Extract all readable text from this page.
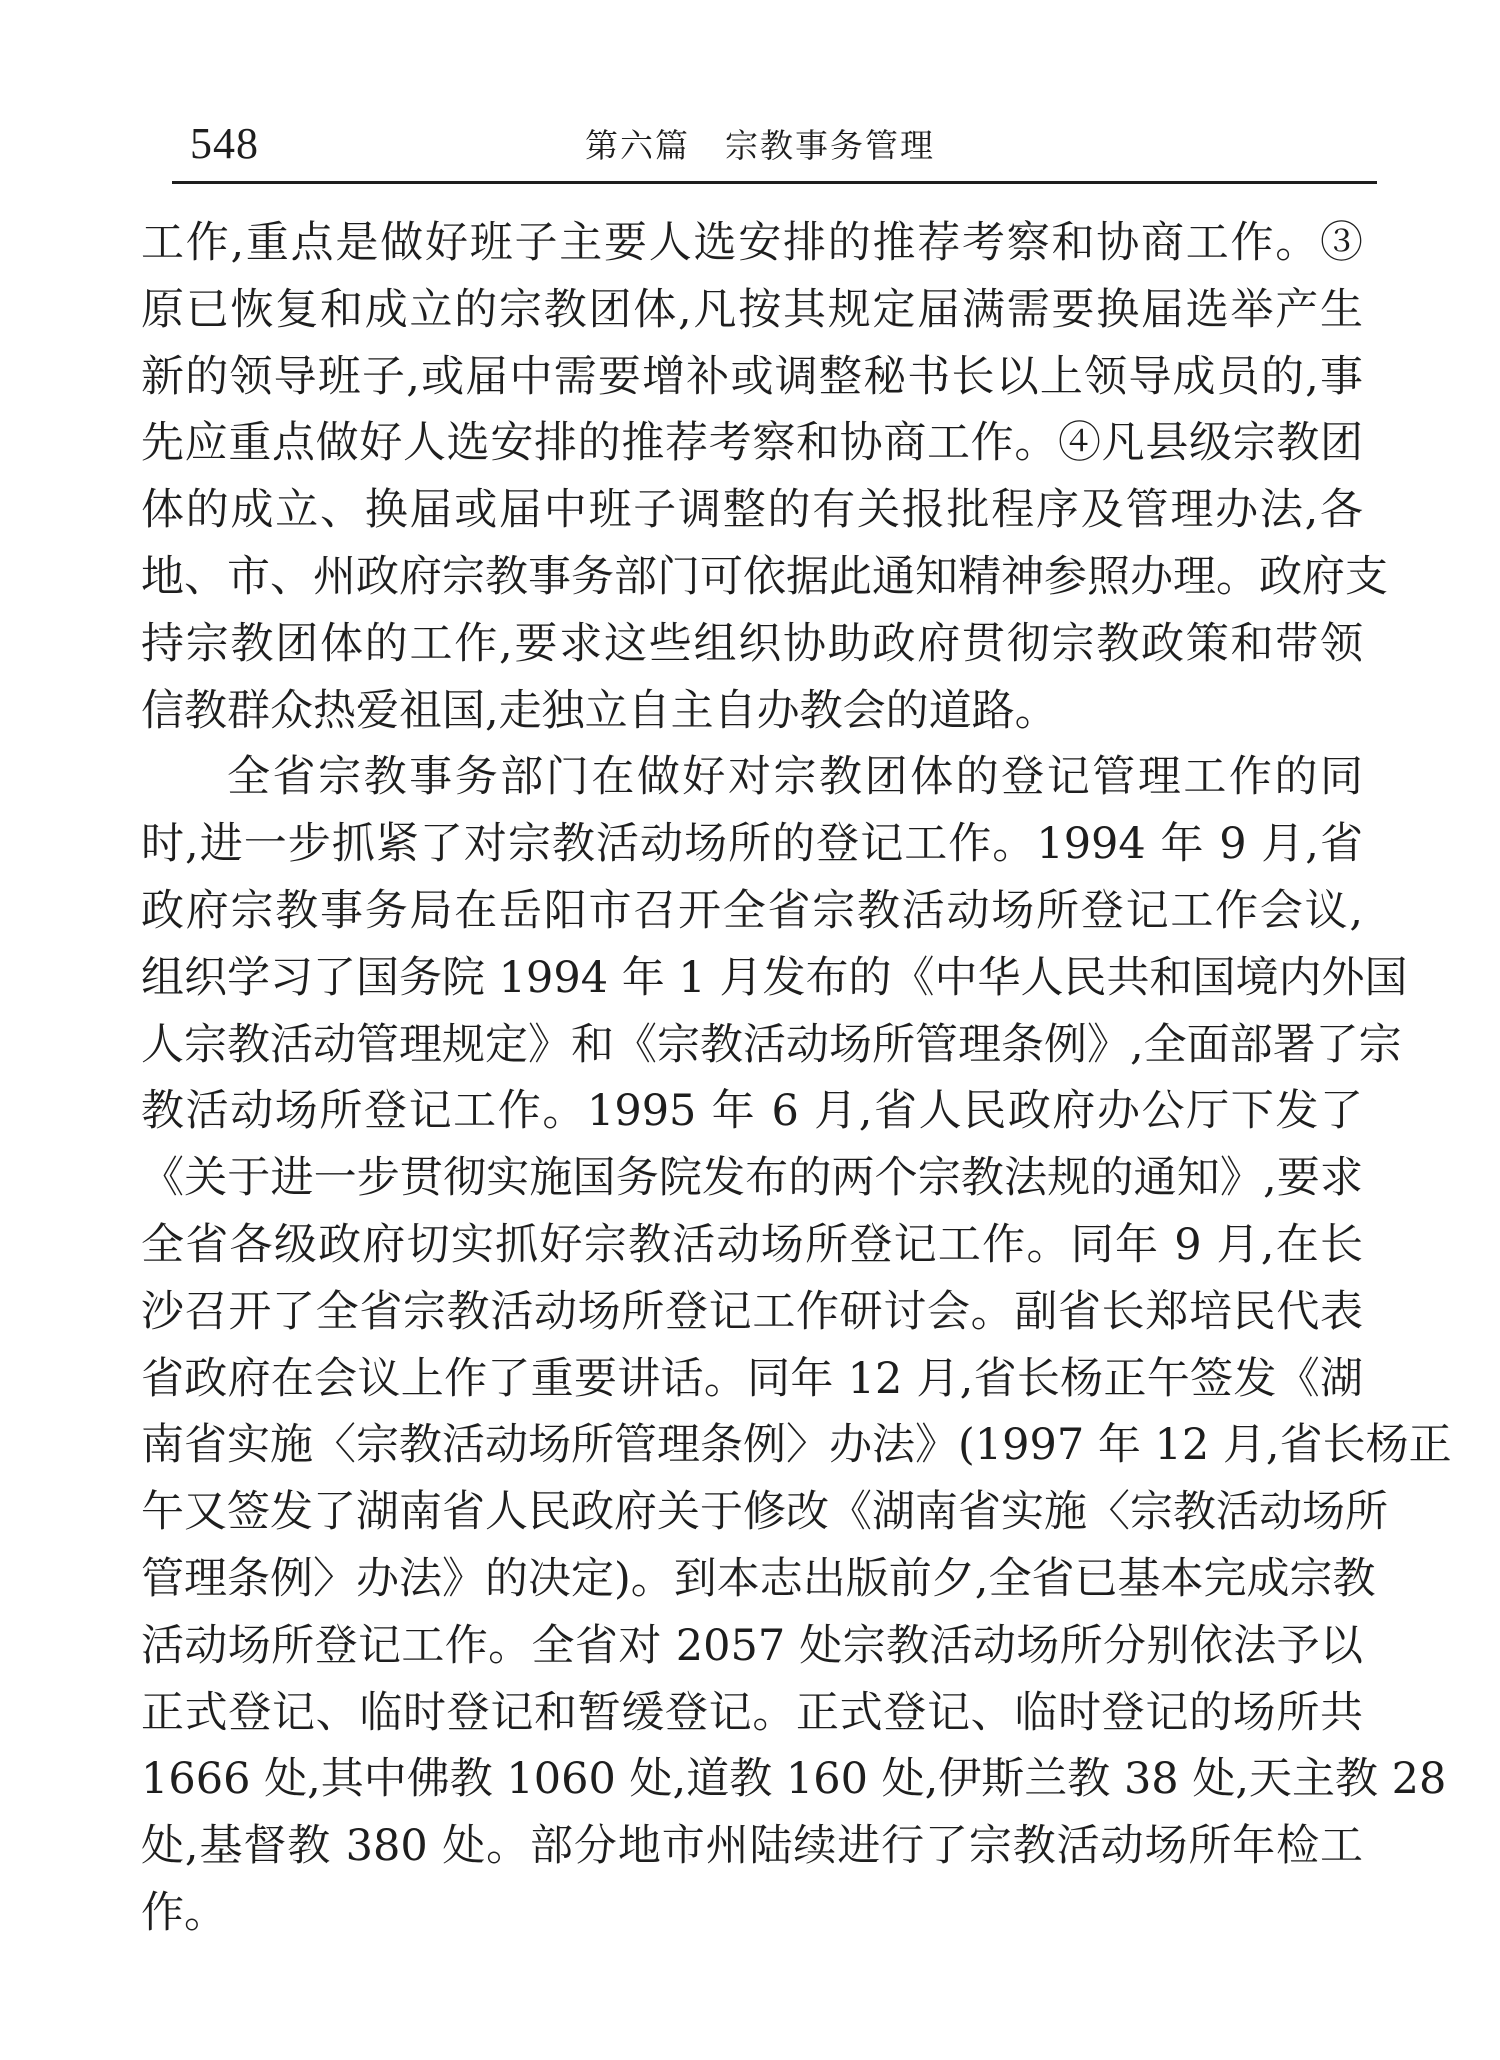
548	第六篇　宗教事务管理
工作,重点是做好班子主要人选安排的推荐考察和协商工作。③
原已恢复和成立的宗教团体,凡按其规定届满需要换届选举产生
新的领导班子,或届中需要增补或调整秘书长以上领导成员的,事
先应重点做好人选安排的推荐考察和协商工作。④凡县级宗教团
体的成立、换届或届中班子调整的有关报批程序及管理办法,各
地、市、州政府宗教事务部门可依据此通知精神参照办理。政府支
持宗教团体的工作,要求这些组织协助政府贯彻宗教政策和带领
信教群众热爱祖国,走独立自主自办教会的道路。
全省宗教事务部门在做好对宗教团体的登记管理工作的同
时,进一步抓紧了对宗教活动场所的登记工作。1994 年 9 月,省
政府宗教事务局在岳阳市召开全省宗教活动场所登记工作会议,
组织学习了国务院 1994 年 1 月发布的《中华人民共和国境内外国
人宗教活动管理规定》和《宗教活动场所管理条例》,全面部署了宗
教活动场所登记工作。1995 年 6 月,省人民政府办公厅下发了
《关于进一步贯彻实施国务院发布的两个宗教法规的通知》,要求
全省各级政府切实抓好宗教活动场所登记工作。同年 9 月,在长
沙召开了全省宗教活动场所登记工作研讨会。副省长郑培民代表
省政府在会议上作了重要讲话。同年 12 月,省长杨正午签发《湖
南省实施〈宗教活动场所管理条例〉办法》(1997 年 12 月,省长杨正
午又签发了湖南省人民政府关于修改《湖南省实施〈宗教活动场所
管理条例〉办法》的决定)。到本志出版前夕,全省已基本完成宗教
活动场所登记工作。全省对 2057 处宗教活动场所分别依法予以
正式登记、临时登记和暂缓登记。正式登记、临时登记的场所共
1666 处,其中佛教 1060 处,道教 160 处,伊斯兰教 38 处,天主教 28
处,基督教 380 处。部分地市州陆续进行了宗教活动场所年检工
作。
